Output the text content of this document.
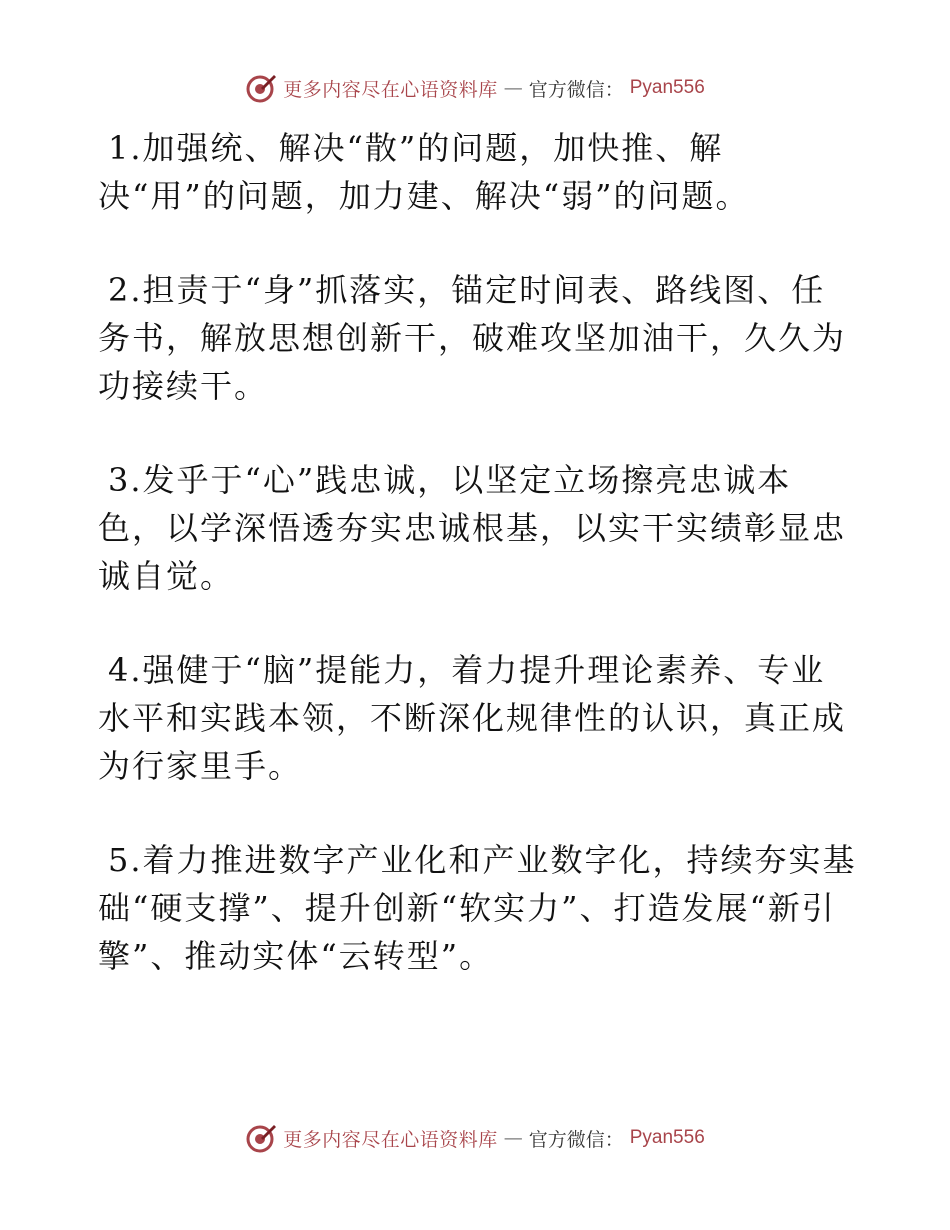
更多内容尽在心语资料库 — 官方微信： Pyan556

1.加强统、解决“散”的问题，加快推、解决“用”的问题，加力建、解决“弱”的问题。

2.担责于“身”抓落实，锚定时间表、路线图、任务书，解放思想创新干，破难攻坚加油干，久久为功接续干。

3.发乎于“心”践忠诚，以坚定立场擦亮忠诚本色，以学深悟透夯实忠诚根基，以实干实绩彰显忠诚自觉。

4.强健于“脑”提能力，着力提升理论素养、专业水平和实践本领，不断深化规律性的认识，真正成为行家里手。

5.着力推进数字产业化和产业数字化，持续夯实基础“硬支撑”、提升创新“软实力”、打造发展“新引擎”、推动实体“云转型”。

更多内容尽在心语资料库 — 官方微信： Pyan556
